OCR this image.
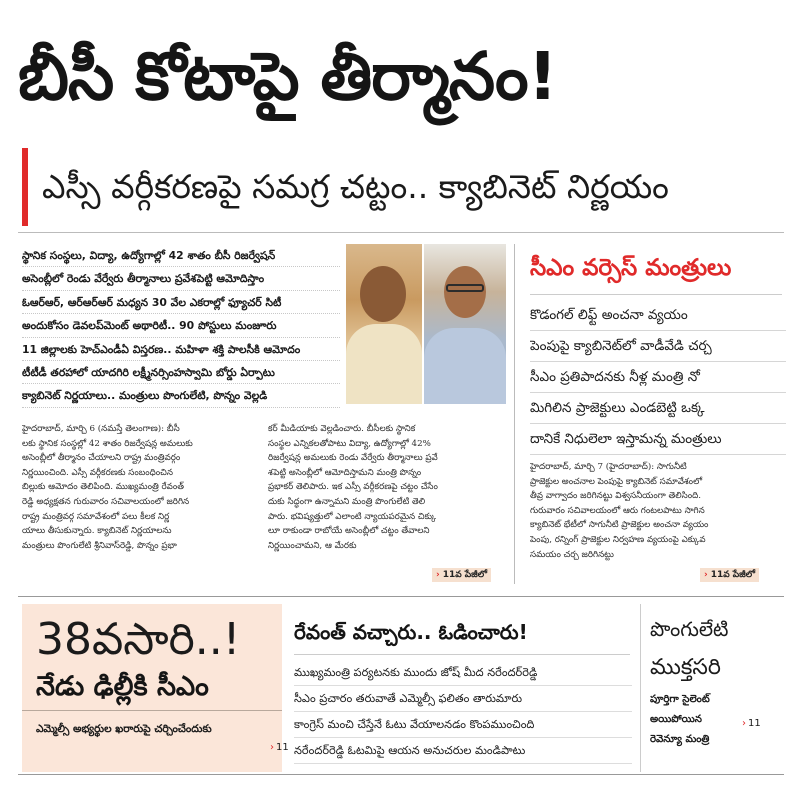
బీసీ కోటాపై తీర్మానం!
ఎస్సీ వర్గీకరణపై సమగ్ర చట్టం.. క్యాబినెట్ నిర్ణయం
స్థానిక సంస్థలు, విద్యా, ఉద్యోగాల్లో 42 శాతం బీసీ రిజర్వేషన్
అసెంబ్లీలో రెండు వేర్వేరు తీర్మానాలు ప్రవేశపెట్టి ఆమోదిస్తాం
ఓఆర్ఆర్, ఆర్ఆర్ఆర్ మధ్యన 30 వేల ఎకరాల్లో ఫ్యూచర్ సిటీ
అందుకోసం డెవలప్‌మెంట్ అథారిటీ.. 90 పోస్టులు మంజూరు
11 జిల్లాలకు హెచ్ఎండీఏ విస్తరణ.. మహిళా శక్తి పాలసీకి ఆమోదం
టీటీడీ తరహాలో యాదగిరి లక్ష్మీనర్సింహస్వామి బోర్డు ఏర్పాటు
క్యాబినెట్ నిర్ణయాలు.. మంత్రులు పొంగులేటి, పొన్నం వెల్లడి
సీఎం వర్సెస్ మంత్రులు
కొడంగల్ లిఫ్ట్ అంచనా వ్యయం
పెంపుపై క్యాబినెట్‌లో వాడీవేడి చర్చ
సీఎం ప్రతిపాదనకు నీళ్ల మంత్రి నో
మిగిలిన ప్రాజెక్టులు ఎండబెట్టి ఒక్క
దానికే నిధులెలా ఇస్తామన్న మంత్రులు
హైదరాబాద్, మార్చి 6 (నమస్తే తెలంగాణ): బీసీ
లకు స్థానిక సంస్థల్లో 42 శాతం రిజర్వేషన్ల అమలుకు
అసెంబ్లీలో తీర్మానం చేయాలని రాష్ట్ర మంత్రివర్గం
నిర్ణయించింది. ఎస్సీ వర్గీకరణకు సంబంధించిన
బిల్లుకు ఆమోదం తెలిపింది. ముఖ్యమంత్రి రేవంత్
రెడ్డి అధ్యక్షతన గురువారం సచివాలయంలో జరిగిన
రాష్ట్ర మంత్రివర్గ సమావేశంలో పలు కీలక నిర్ణ
యాలు తీసుకున్నారు. క్యాబినెట్ నిర్ణయాలను
మంత్రులు పొంగులేటి శ్రీనివాస్‌రెడ్డి, పొన్నం ప్రభా
కర్ మీడియాకు వెల్లడించారు. బీసీలకు స్థానిక
సంస్థల ఎన్నికలతోపాటు విద్యా, ఉద్యోగాల్లో 42%
రిజర్వేషన్ల అమలుకు రెండు వేర్వేరు తీర్మానాలు ప్రవే
శపెట్టి అసెంబ్లీలో ఆమోదిస్తామని మంత్రి పొన్నం
ప్రభాకర్ తెలిపారు. ఇక ఎస్సీ వర్గీకరణపై చట్టం చేసేం
దుకు సిద్ధంగా ఉన్నామని మంత్రి పొంగులేటి తెలి
పారు. భవిష్యత్తులో ఎలాంటి న్యాయపరమైన చిక్కు
లూ రాకుండా రాబోయే అసెంబ్లీలో చట్టం తేవాలని
నిర్ణయించామని, ఆ మేరకు
› 11వ పేజీలో
హైదరాబాద్, మార్చి 7 (హైదరాబాద్): సాగునీటి
ప్రాజెక్టుల అంచనాల పెంపుపై క్యాబినెట్ సమావేశంలో
తీవ్ర వాగ్వాదం జరిగినట్టు విశ్వసనీయంగా తెలిసింది.
గురువారం సచివాలయంలో ఆరు గంటలపాటు సాగిన
క్యాబినెట్ భేటీలో సాగునీటి ప్రాజెక్టుల అంచనా వ్యయం
పెంపు, రన్నింగ్ ప్రాజెక్టుల నిర్వహణ వ్యయంపై ఎక్కువ
సమయం చర్చ జరిగినట్టు
› 11వ పేజీలో
38వసారి..!
నేడు ఢిల్లీకి సీఎం
ఎమ్మెల్సీ అభ్యర్థుల ఖరారుపై చర్చించేందుకు
› 11
రేవంత్ వచ్చారు.. ఓడించారు!
ముఖ్యమంత్రి పర్యటనకు ముందు జోష్ మీద నరేందర్‌రెడ్డి
సీఎం ప్రచారం తరువాతే ఎమ్మెల్సీ ఫలితం తారుమారు
కాంగ్రెస్ మంచి చేస్తేనే ఓటు వేయాలనడం కొంపముంచింది
నరేందర్‌రెడ్డి ఓటమిపై ఆయన అనుచరుల మండిపాటు
పొంగులేటి
ముక్తసరి
పూర్తిగా సైలెంట్
అయిపోయిన
రెవెన్యూ మంత్రి
› 11
